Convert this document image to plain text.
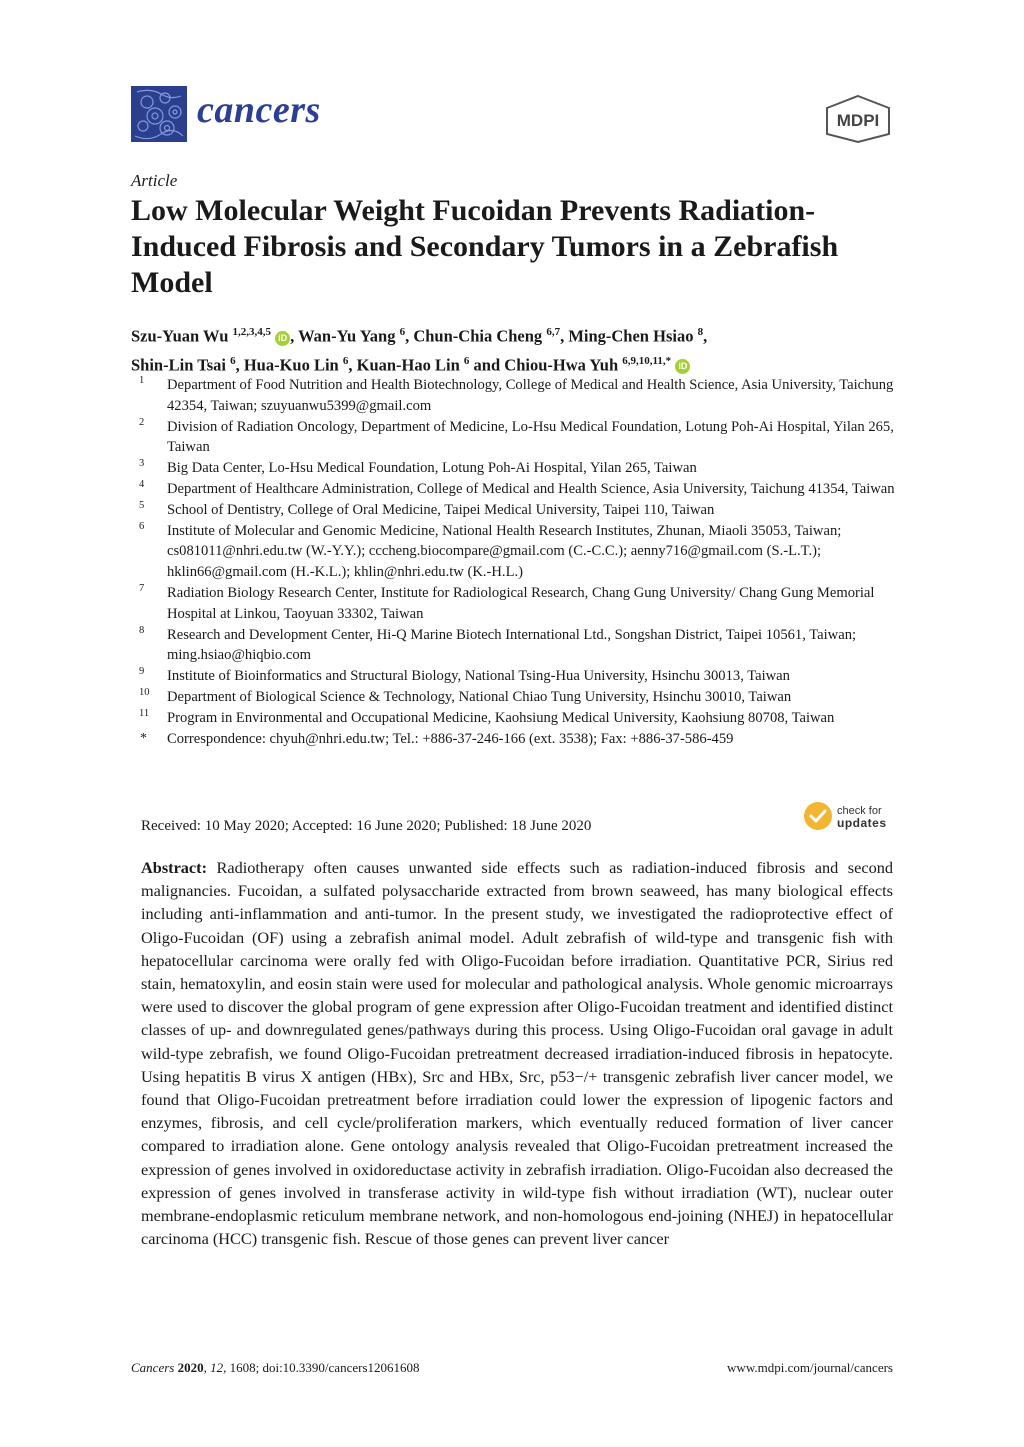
cancers	MDPI
Article
Low Molecular Weight Fucoidan Prevents Radiation-Induced Fibrosis and Secondary Tumors in a Zebrafish Model
Szu-Yuan Wu $^{1,2,3,4,5}$ iD , Wan-Yu Yang $^6$, Chun-Chia Cheng $^{6,7}$, Ming-Chen Hsiao $^8$,
Shin-Lin Tsai $^6$, Hua-Kuo Lin $^6$, Kuan-Hao Lin $^6$ and Chiou-Hwa Yuh $^{6,9,10,11,*}$ iD
1 Department of Food Nutrition and Health Biotechnology, College of Medical and Health Science, Asia University, Taichung 42354, Taiwan; szuyuanwu5399@gmail.com
2 Division of Radiation Oncology, Department of Medicine, Lo-Hsu Medical Foundation, Lotung Poh-Ai Hospital, Yilan 265, Taiwan
3 Big Data Center, Lo-Hsu Medical Foundation, Lotung Poh-Ai Hospital, Yilan 265, Taiwan
4 Department of Healthcare Administration, College of Medical and Health Science, Asia University, Taichung 41354, Taiwan
5 School of Dentistry, College of Oral Medicine, Taipei Medical University, Taipei 110, Taiwan
6 Institute of Molecular and Genomic Medicine, National Health Research Institutes, Zhunan, Miaoli 35053, Taiwan; cs081011@nhri.edu.tw (W.-Y.Y.); cccheng.biocompare@gmail.com (C.-C.C.); aenny716@gmail.com (S.-L.T.); hklin66@gmail.com (H.-K.L.); khlin@nhri.edu.tw (K.-H.L.)
7 Radiation Biology Research Center, Institute for Radiological Research, Chang Gung University/ Chang Gung Memorial Hospital at Linkou, Taoyuan 33302, Taiwan
8 Research and Development Center, Hi-Q Marine Biotech International Ltd., Songshan District, Taipei 10561, Taiwan; ming.hsiao@hiqbio.com
9 Institute of Bioinformatics and Structural Biology, National Tsing-Hua University, Hsinchu 30013, Taiwan
10 Department of Biological Science & Technology, National Chiao Tung University, Hsinchu 30010, Taiwan
11 Program in Environmental and Occupational Medicine, Kaohsiung Medical University, Kaohsiung 80708, Taiwan
* Correspondence: chyuh@nhri.edu.tw; Tel.: +886-37-246-166 (ext. 3538); Fax: +886-37-586-459
Received: 10 May 2020; Accepted: 16 June 2020; Published: 18 June 2020
check for
updates

Abstract: Radiotherapy often causes unwanted side effects such as radiation-induced fibrosis and second malignancies. Fucoidan, a sulfated polysaccharide extracted from brown seaweed, has many biological effects including anti-inflammation and anti-tumor. In the present study, we investigated the radioprotective effect of Oligo-Fucoidan (OF) using a zebrafish animal model. Adult zebrafish of wild-type and transgenic fish with hepatocellular carcinoma were orally fed with Oligo-Fucoidan before irradiation. Quantitative PCR, Sirius red stain, hematoxylin, and eosin stain were used for molecular and pathological analysis. Whole genomic microarrays were used to discover the global program of gene expression after Oligo-Fucoidan treatment and identified distinct classes of up- and downregulated genes/pathways during this process. Using Oligo-Fucoidan oral gavage in adult wild-type zebrafish, we found Oligo-Fucoidan pretreatment decreased irradiation-induced fibrosis in hepatocyte. Using hepatitis B virus X antigen (HBx), Src and HBx, Src, p53−/+ transgenic zebrafish liver cancer model, we found that Oligo-Fucoidan pretreatment before irradiation could lower the expression of lipogenic factors and enzymes, fibrosis, and cell cycle/proliferation markers, which eventually reduced formation of liver cancer compared to irradiation alone. Gene ontology analysis revealed that Oligo-Fucoidan pretreatment increased the expression of genes involved in oxidoreductase activity in zebrafish irradiation. Oligo-Fucoidan also decreased the expression of genes involved in transferase activity in wild-type fish without irradiation (WT), nuclear outer membrane-endoplasmic reticulum membrane network, and non-homologous end-joining (NHEJ) in hepatocellular carcinoma (HCC) transgenic fish. Rescue of those genes can prevent liver cancer

Cancers 2020, 12, 1608; doi:10.3390/cancers12061608	www.mdpi.com/journal/cancers
